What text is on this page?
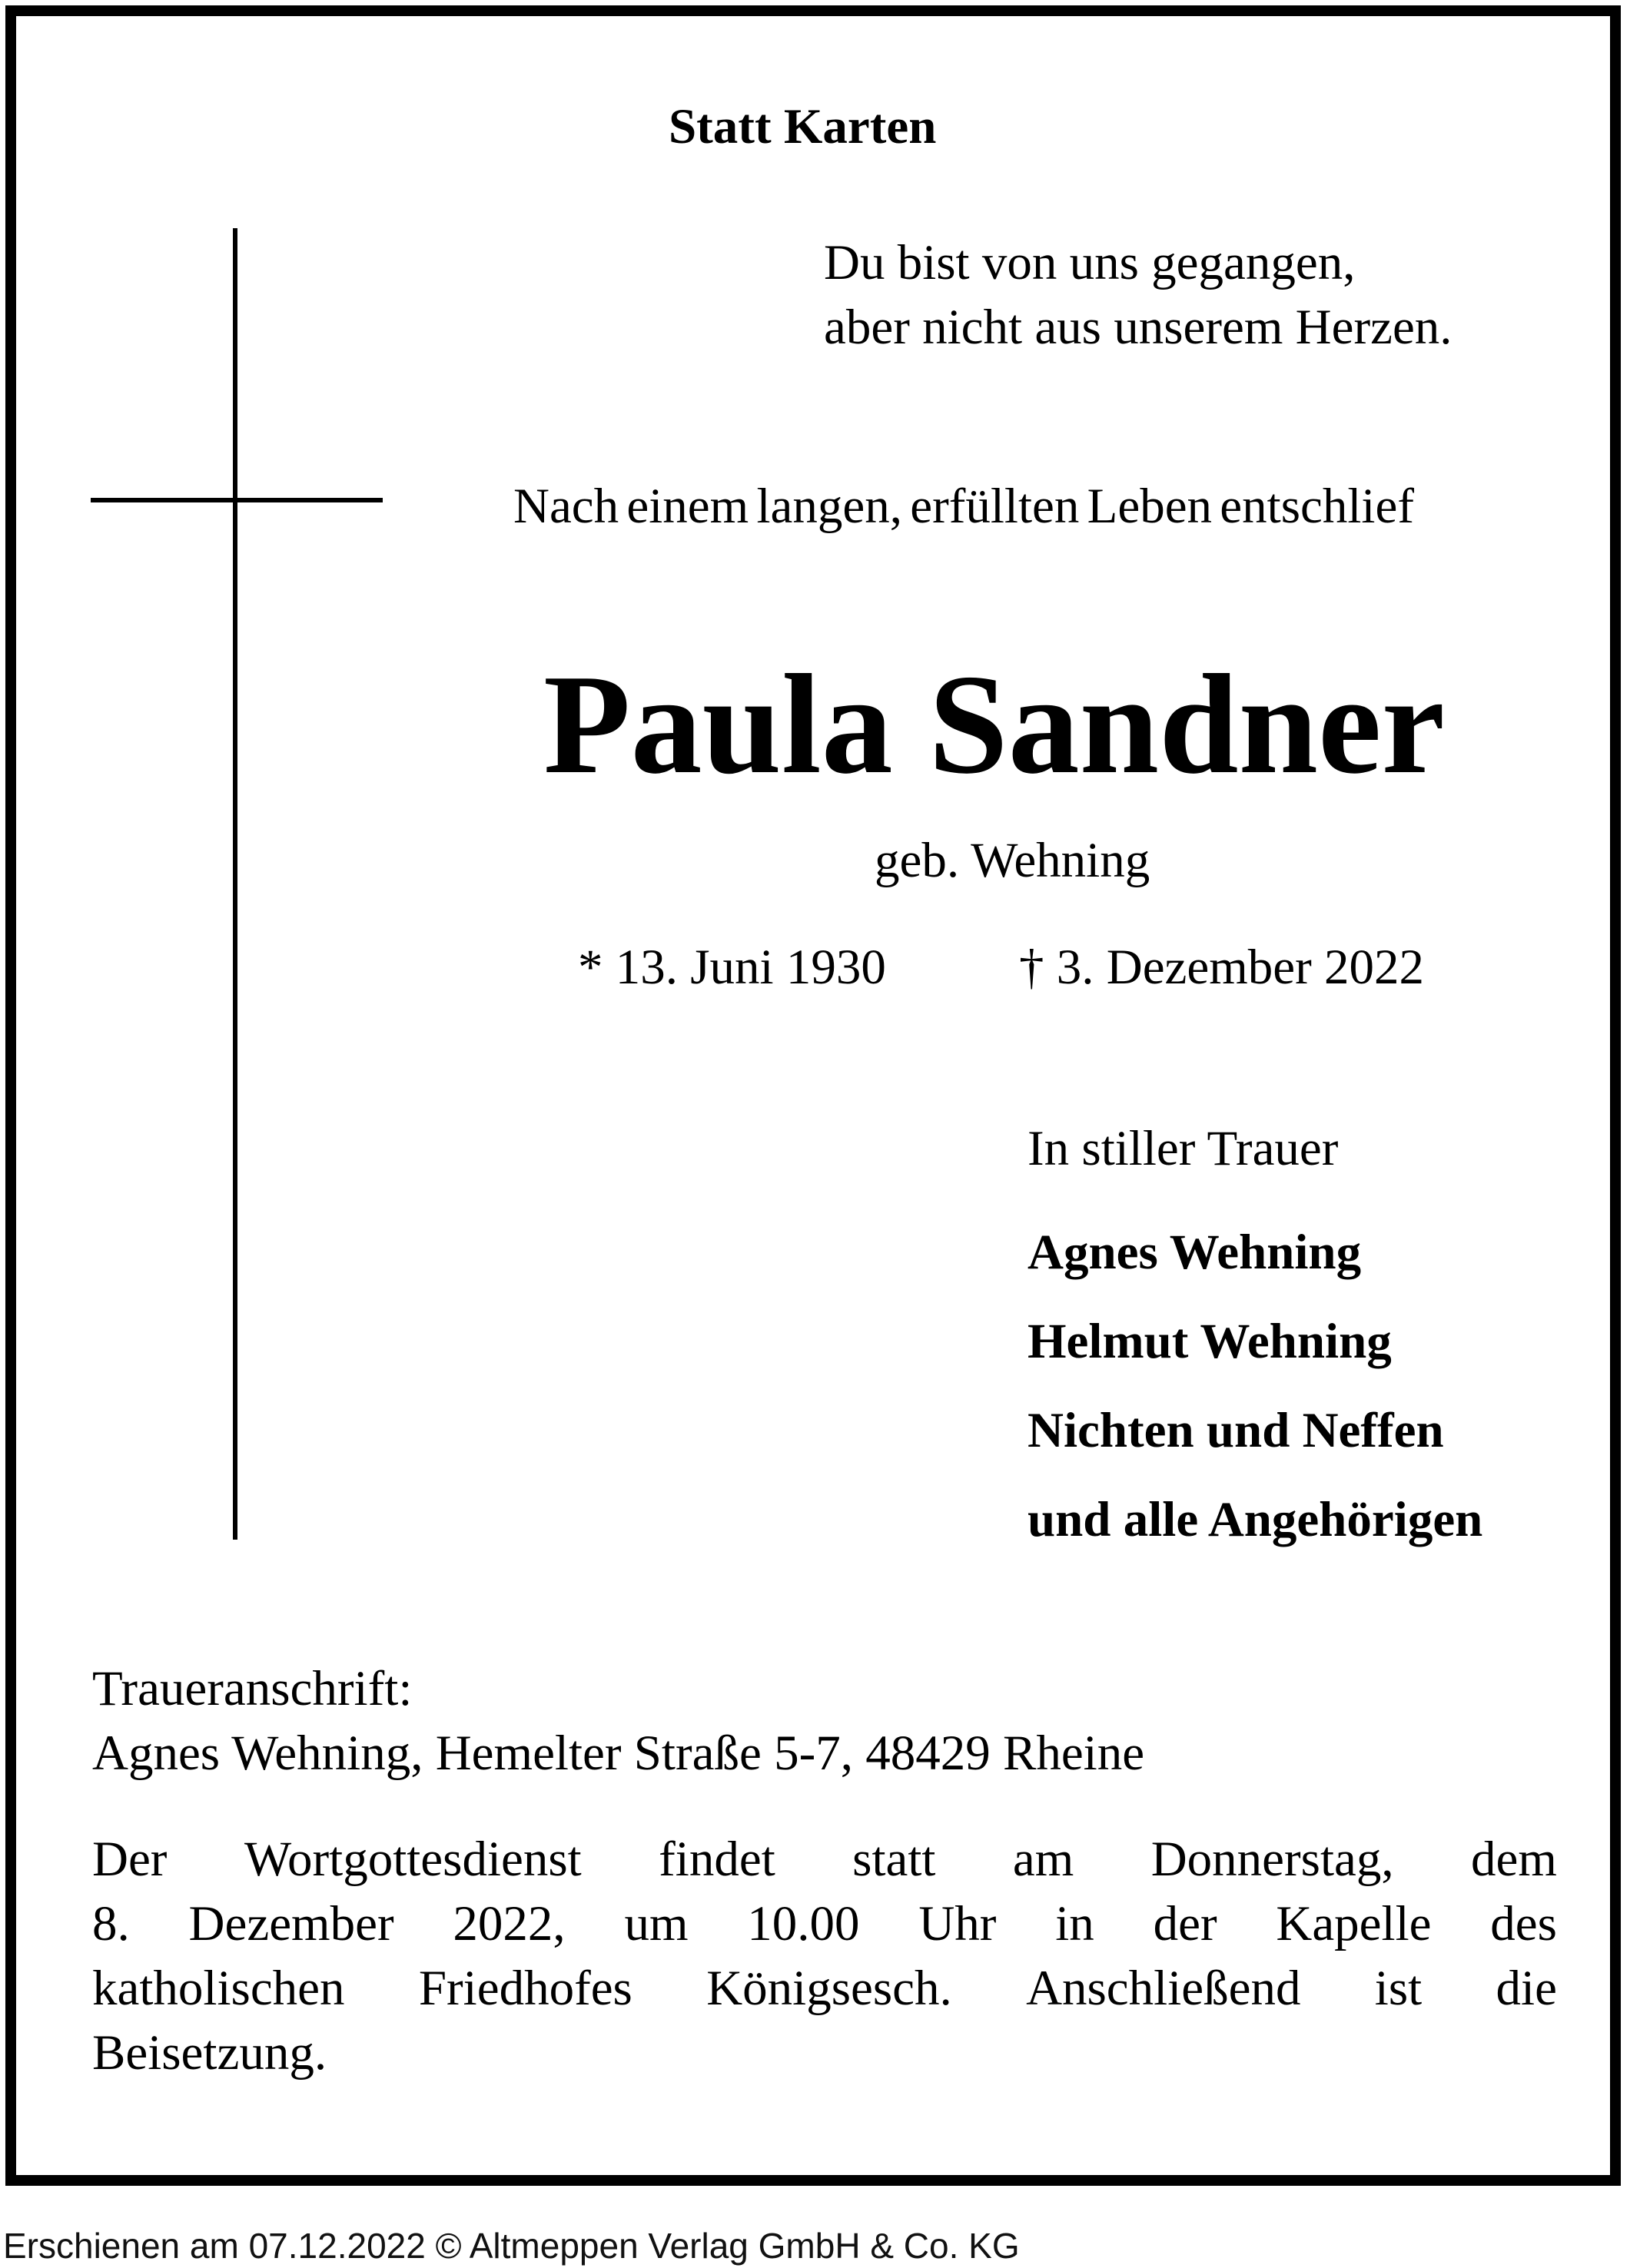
Statt Karten
Du bist von uns gegangen,
aber nicht aus unserem Herzen.
Nach einem langen, erfüllten Leben entschlief
Paula Sandner
geb. Wehning
* 13. Juni 1930	† 3. Dezember 2022
In stiller Trauer
Agnes Wehning
Helmut Wehning
Nichten und Neffen
und alle Angehörigen
Traueranschrift:
Agnes Wehning, Hemelter Straße 5-7, 48429 Rheine
Der Wortgottesdienst findet statt am Donnerstag, dem
8. Dezember 2022, um 10.00 Uhr in der Kapelle des
katholischen Friedhofes Königsesch. Anschließend ist die
Beisetzung.
Erschienen am 07.12.2022 © Altmeppen Verlag GmbH & Co. KG
